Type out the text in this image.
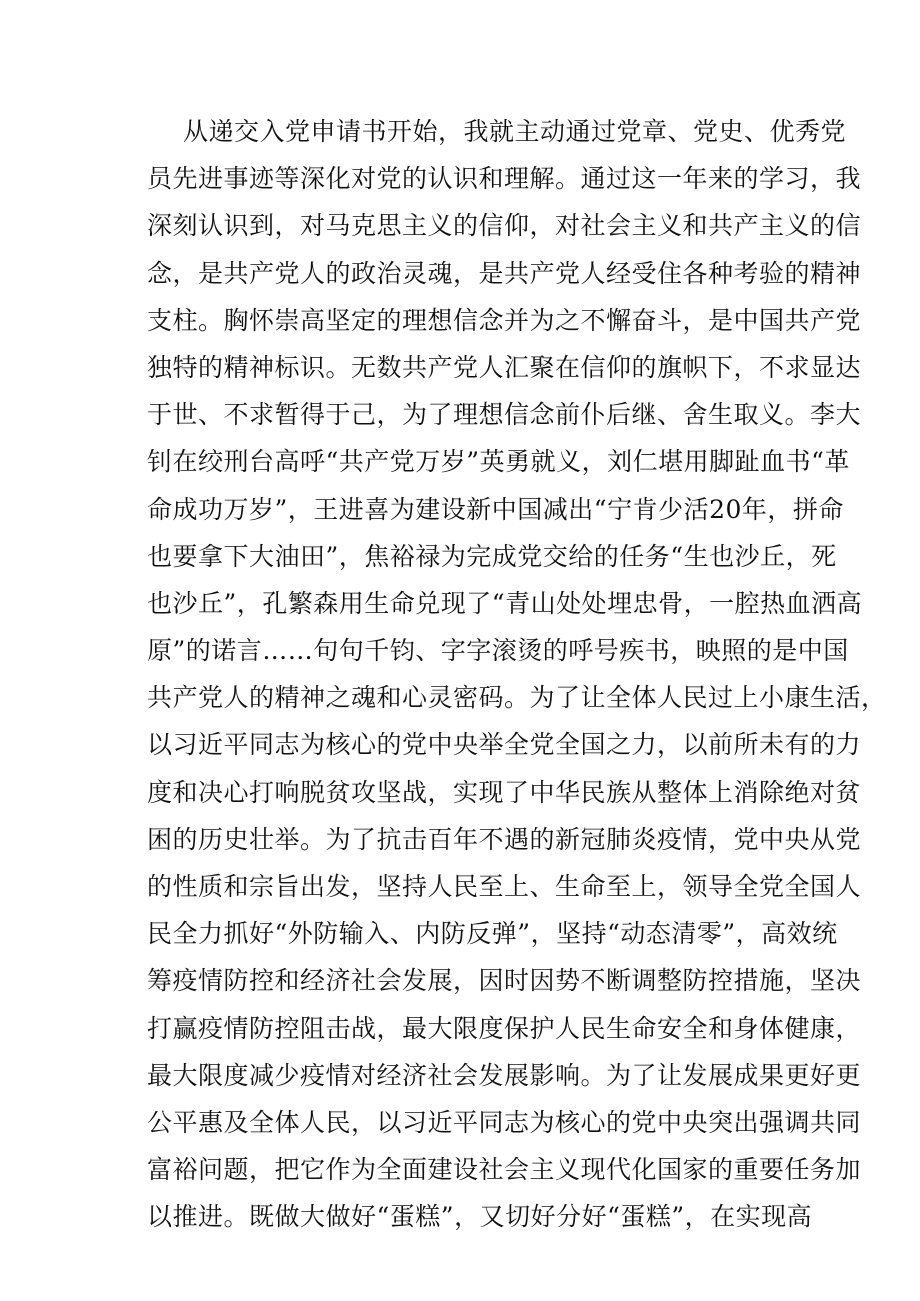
从递交入党申请书开始，我就主动通过党章、党史、优秀党
员先进事迹等深化对党的认识和理解。通过这一年来的学习，我
深刻认识到，对马克思主义的信仰，对社会主义和共产主义的信
念，是共产党人的政治灵魂，是共产党人经受住各种考验的精神
支柱。胸怀崇高坚定的理想信念并为之不懈奋斗，是中国共产党
独特的精神标识。无数共产党人汇聚在信仰的旗帜下，不求显达
于世、不求暂得于己，为了理想信念前仆后继、舍生取义。李大
钊在绞刑台高呼“共产党万岁”英勇就义，刘仁堪用脚趾血书“革
命成功万岁”，王进喜为建设新中国减出“宁肯少活20年，拼命
也要拿下大油田”，焦裕禄为完成党交给的任务“生也沙丘，死
也沙丘”，孔繁森用生命兑现了“青山处处埋忠骨，一腔热血洒高
原”的诺言……句句千钧、字字滚烫的呼号疾书，映照的是中国
共产党人的精神之魂和心灵密码。为了让全体人民过上小康生活，
以习近平同志为核心的党中央举全党全国之力，以前所未有的力
度和决心打响脱贫攻坚战，实现了中华民族从整体上消除绝对贫
困的历史壮举。为了抗击百年不遇的新冠肺炎疫情，党中央从党
的性质和宗旨出发，坚持人民至上、生命至上，领导全党全国人
民全力抓好“外防输入、内防反弹”，坚持“动态清零”，高效统
筹疫情防控和经济社会发展，因时因势不断调整防控措施，坚决
打赢疫情防控阻击战，最大限度保护人民生命安全和身体健康，
最大限度减少疫情对经济社会发展影响。为了让发展成果更好更
公平惠及全体人民，以习近平同志为核心的党中央突出强调共同
富裕问题，把它作为全面建设社会主义现代化国家的重要任务加
以推进。既做大做好“蛋糕”，又切好分好“蛋糕”，在实现高
